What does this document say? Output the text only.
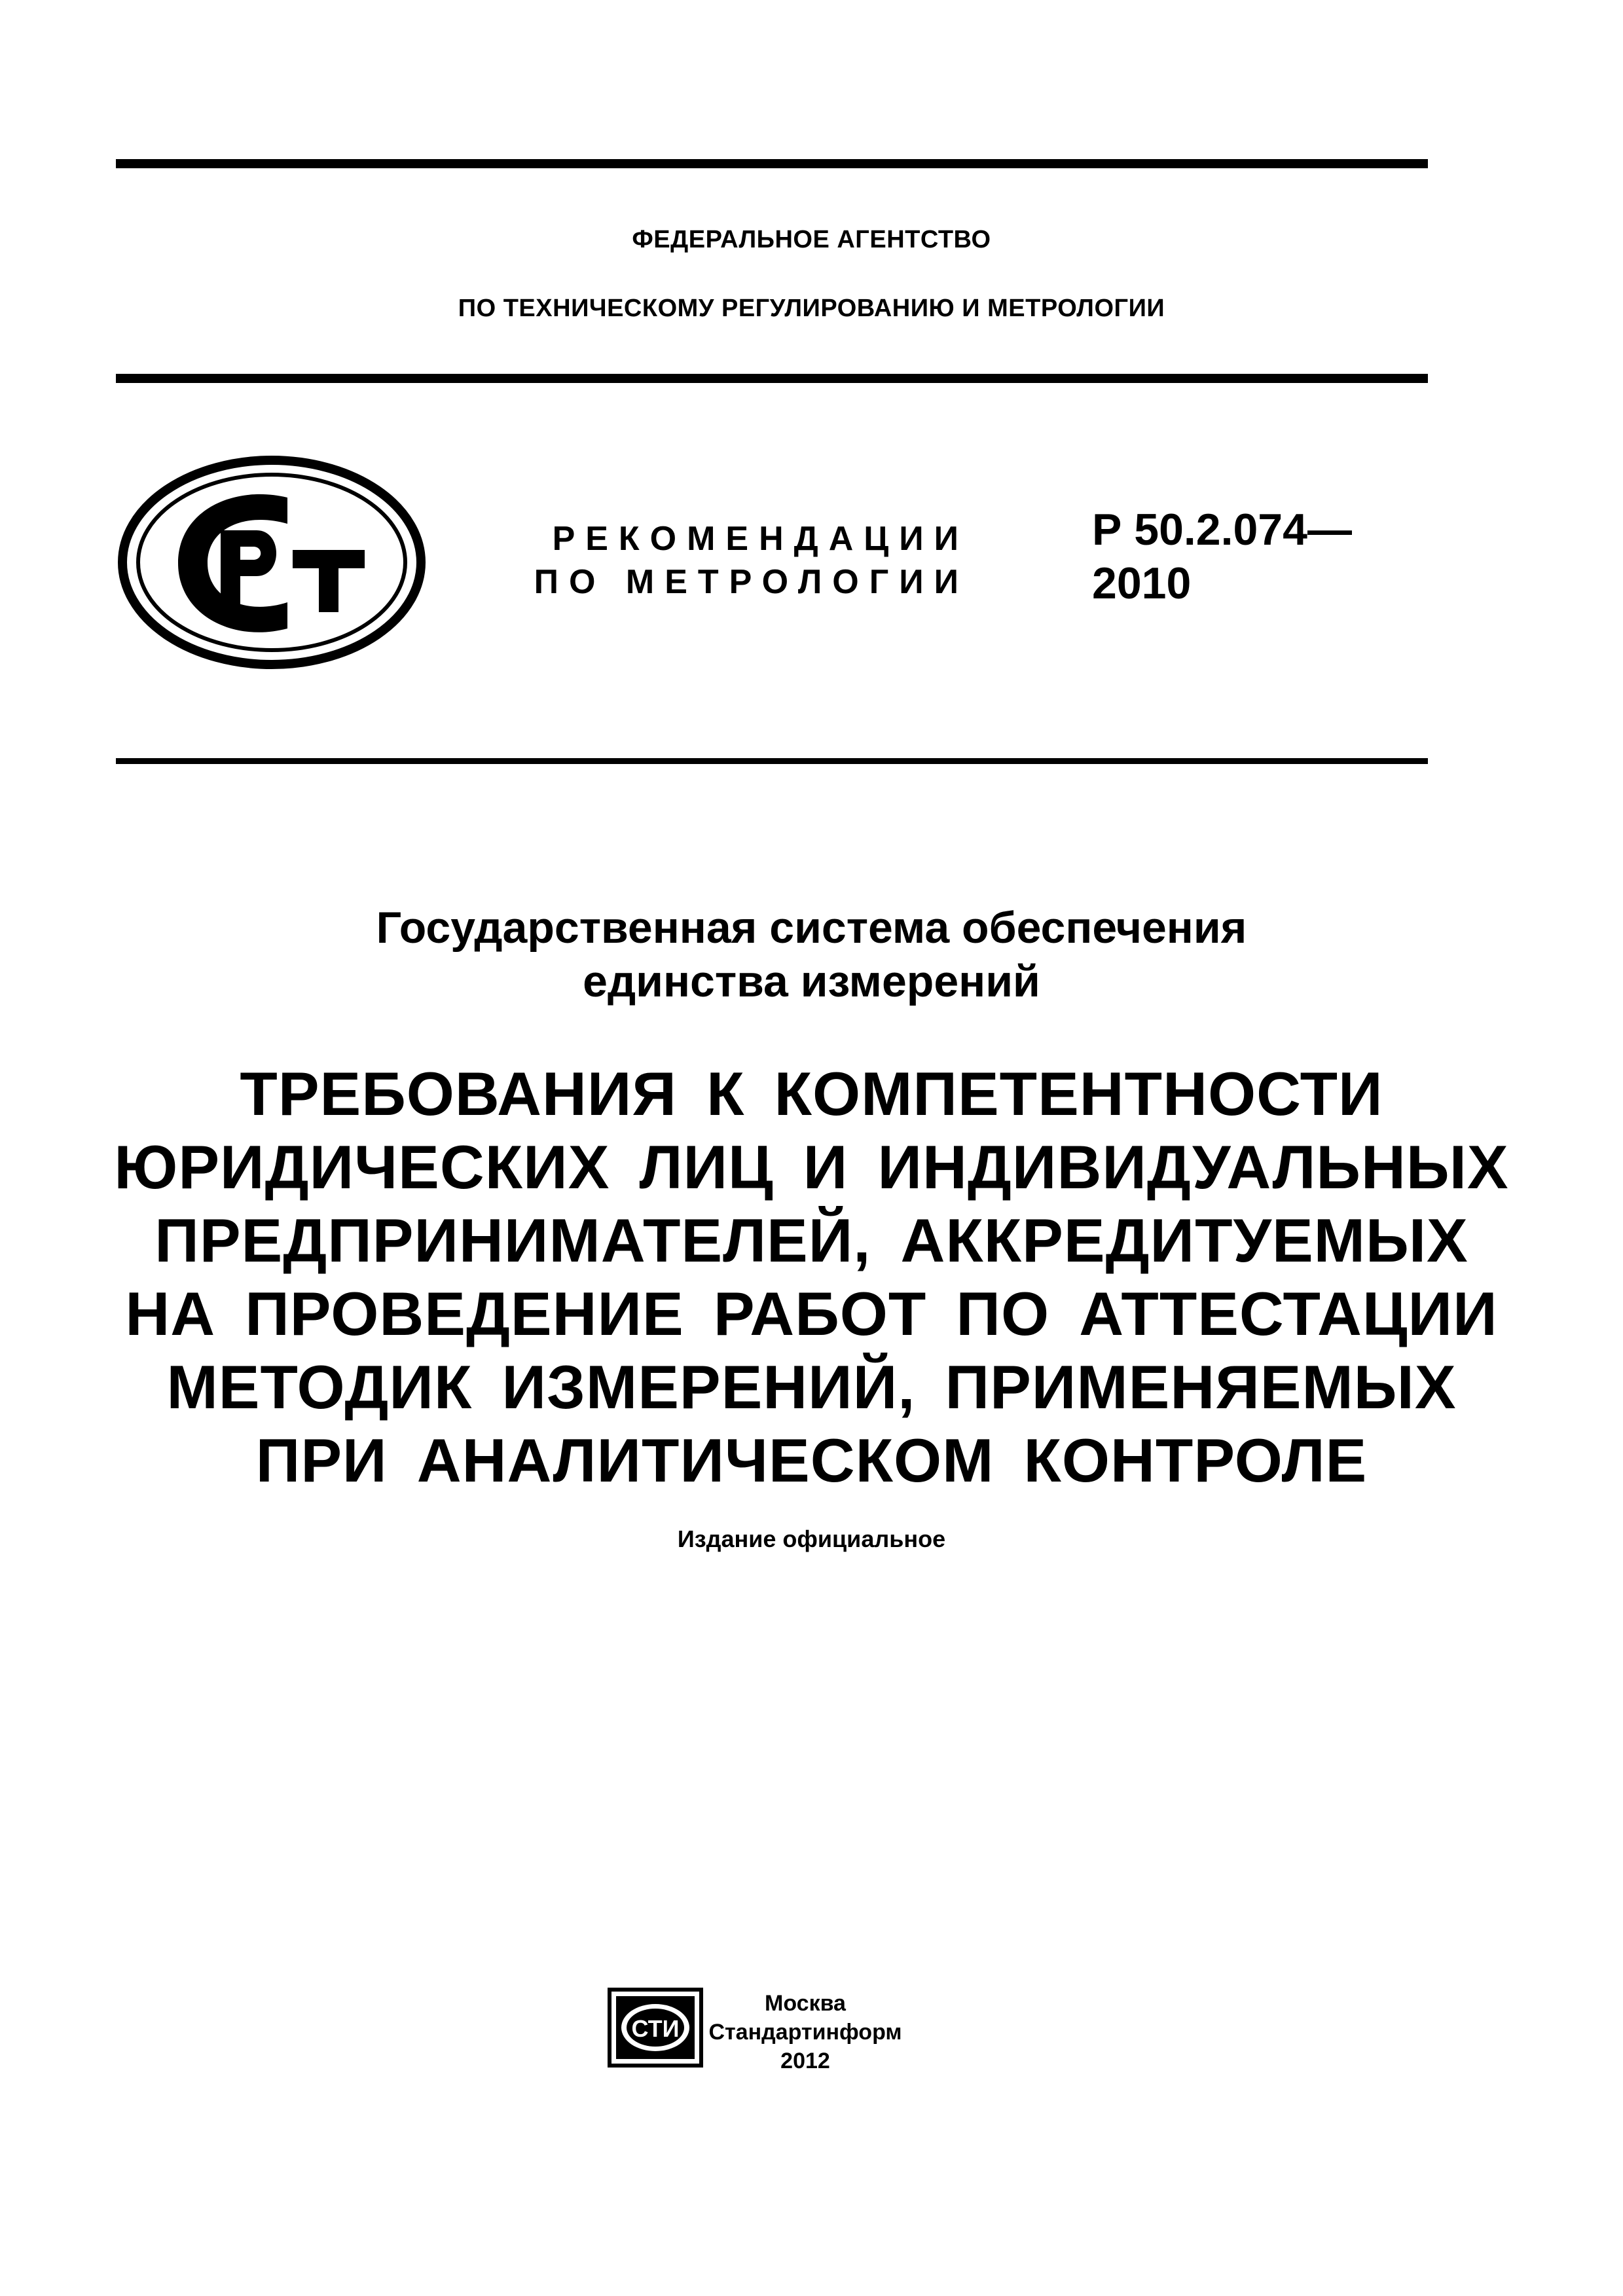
ФЕДЕРАЛЬНОЕ АГЕНТСТВО
ПО ТЕХНИЧЕСКОМУ РЕГУЛИРОВАНИЮ И МЕТРОЛОГИИ
РЕКОМЕНДАЦИИ
ПО МЕТРОЛОГИИ
Р 50.2.074—
2010
Государственная система обеспечения
единства измерений
ТРЕБОВАНИЯ К КОМПЕТЕНТНОСТИ
ЮРИДИЧЕСКИХ ЛИЦ И ИНДИВИДУАЛЬНЫХ
ПРЕДПРИНИМАТЕЛЕЙ, АККРЕДИТУЕМЫХ
НА ПРОВЕДЕНИЕ РАБОТ ПО АТТЕСТАЦИИ
МЕТОДИК ИЗМЕРЕНИЙ, ПРИМЕНЯЕМЫХ
ПРИ АНАЛИТИЧЕСКОМ КОНТРОЛЕ
Издание официальное
СТИ
Москва
Стандартинформ
2012
